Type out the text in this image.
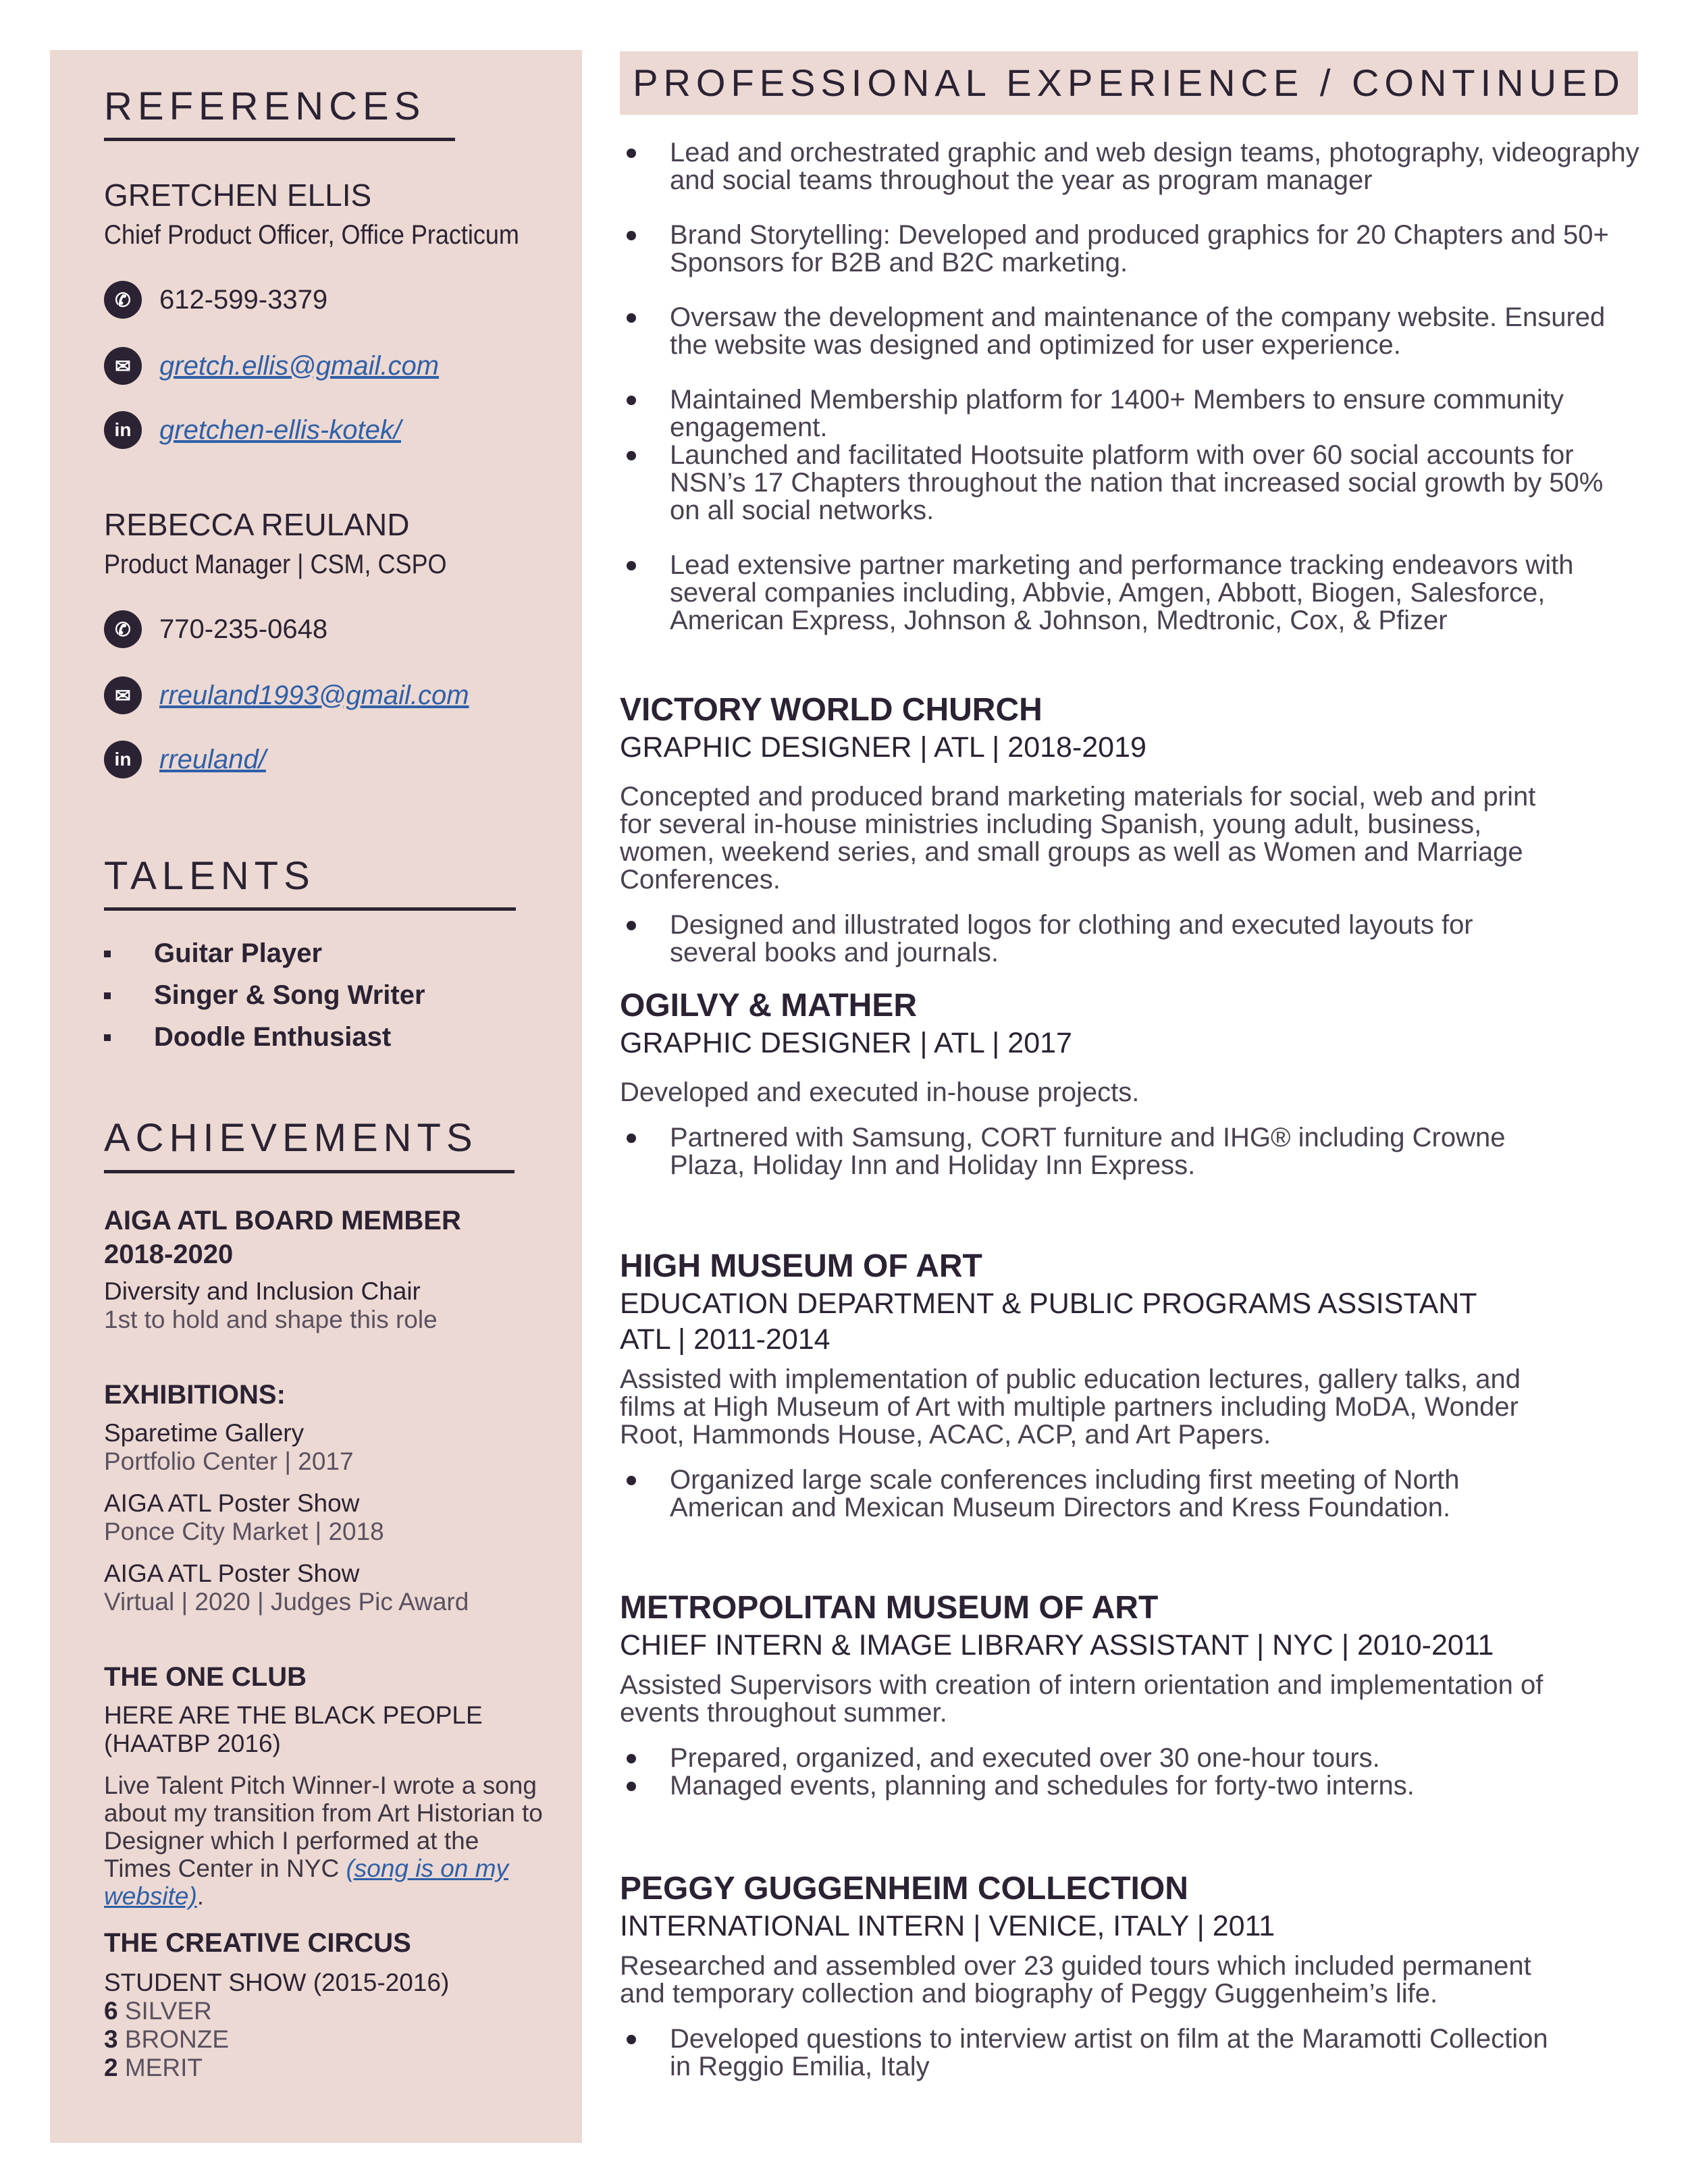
REFERENCES
GRETCHEN ELLIS
Chief Product Officer, Office Practicum
✆	612-599-3379
✉	gretch.ellis@gmail.com
in	gretchen-ellis-kotek/
REBECCA REULAND
Product Manager | CSM, CSPO
✆	770-235-0648
✉	rreuland1993@gmail.com
in	rreuland/
TALENTS
Guitar Player
Singer & Song Writer
Doodle Enthusiast
ACHIEVEMENTS
AIGA ATL BOARD MEMBER
2018-2020
Diversity and Inclusion Chair
1st to hold and shape this role
EXHIBITIONS:
Sparetime Gallery
Portfolio Center | 2017
AIGA ATL Poster Show
Ponce City Market | 2018
AIGA ATL Poster Show
Virtual | 2020 | Judges Pic Award
THE ONE CLUB
HERE ARE THE BLACK PEOPLE
(HAATBP 2016)
Live Talent Pitch Winner-I wrote a song about my transition from Art Historian to Designer which I performed at the Times Center in NYC (song is on my website).
THE CREATIVE CIRCUS
STUDENT SHOW (2015-2016)
6 SILVER
3 BRONZE
2 MERIT
PROFESSIONAL EXPERIENCE / CONTINUED
Lead and orchestrated graphic and web design teams, photography, videography and social teams throughout the year as program manager
Brand Storytelling: Developed and produced graphics for 20 Chapters and 50+ Sponsors for B2B and B2C marketing.
Oversaw the development and maintenance of the company website. Ensured the website was designed and optimized for user experience.
Maintained Membership platform for 1400+ Members to ensure community engagement.
Launched and facilitated Hootsuite platform with over 60 social accounts for NSN’s 17 Chapters throughout the nation that increased social growth by 50% on all social networks.
Lead extensive partner marketing and performance tracking endeavors with several companies including, Abbvie, Amgen, Abbott, Biogen, Salesforce, American Express, Johnson & Johnson, Medtronic, Cox, & Pfizer
VICTORY WORLD CHURCH
GRAPHIC DESIGNER | ATL | 2018-2019
Concepted and produced brand marketing materials for social, web and print for several in-house ministries including Spanish, young adult, business, women, weekend series, and small groups as well as Women and Marriage Conferences.
Designed and illustrated logos for clothing and executed layouts for several books and journals.
OGILVY & MATHER
GRAPHIC DESIGNER | ATL | 2017
Developed and executed in-house projects.
Partnered with Samsung, CORT furniture and IHG® including Crowne Plaza, Holiday Inn and Holiday Inn Express.
HIGH MUSEUM OF ART
EDUCATION DEPARTMENT & PUBLIC PROGRAMS ASSISTANT
ATL | 2011-2014
Assisted with implementation of public education lectures, gallery talks, and films at High Museum of Art with multiple partners including MoDA, Wonder Root, Hammonds House, ACAC, ACP, and Art Papers.
Organized large scale conferences including first meeting of North American and Mexican Museum Directors and Kress Foundation.
METROPOLITAN MUSEUM OF ART
CHIEF INTERN & IMAGE LIBRARY ASSISTANT | NYC | 2010-2011
Assisted Supervisors with creation of intern orientation and implementation of events throughout summer.
Prepared, organized, and executed over 30 one-hour tours.
Managed events, planning and schedules for forty-two interns.
PEGGY GUGGENHEIM COLLECTION
INTERNATIONAL INTERN | VENICE, ITALY | 2011
Researched and assembled over 23 guided tours which included permanent and temporary collection and biography of Peggy Guggenheim’s life.
Developed questions to interview artist on film at the Maramotti Collection in Reggio Emilia, Italy
